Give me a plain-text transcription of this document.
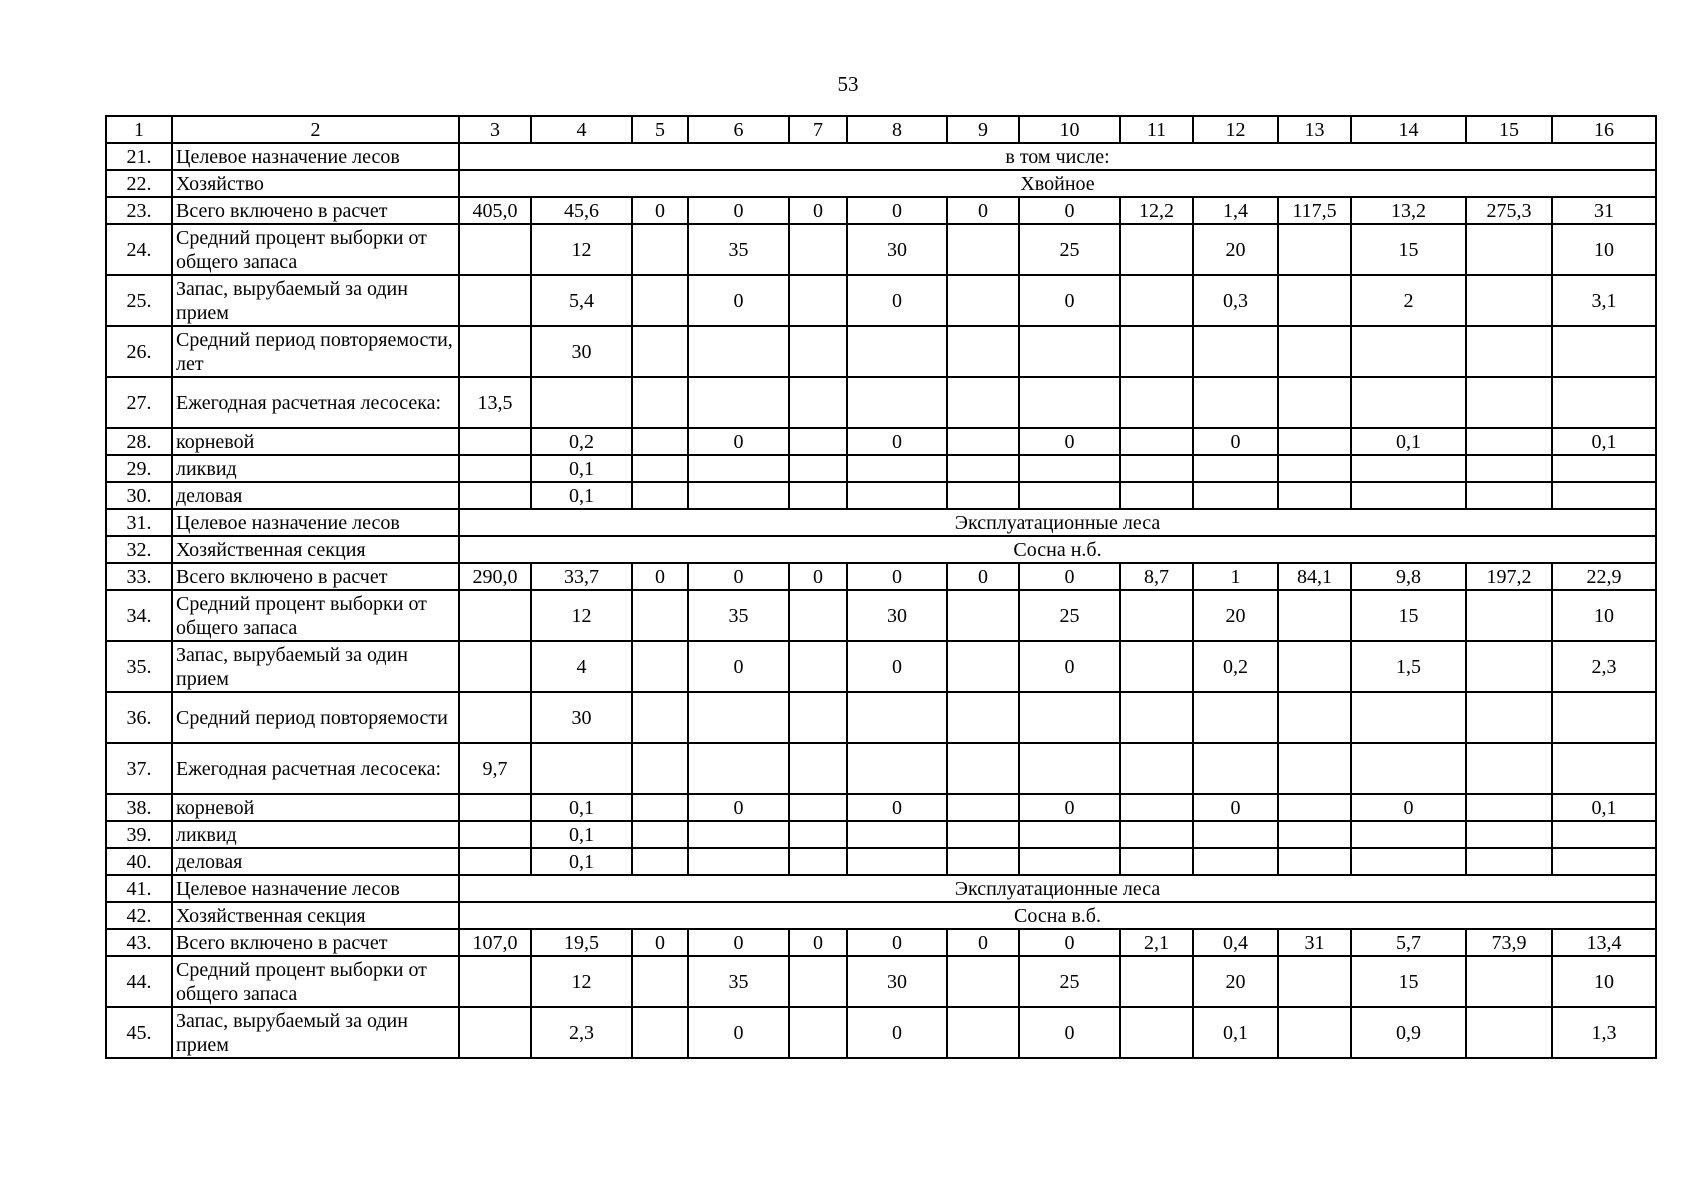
53
1	2	3	4	5	6	7	8	9	10	11	12	13	14	15	16
21.	Целевое назначение лесов	в том числе:													
22.	Хозяйство	Хвойное													
23.	Всего включено в расчет	405,0	45,6	0	0	0	0	0	0	12,2	1,4	117,5	13,2	275,3	31
24.	Средний процент выборки от общего запаса		12		35		30		25		20		15		10
25.	Запас, вырубаемый за один прием		5,4		0		0		0		0,3		2		3,1
26.	Средний период повторяемости, лет		30												
27.	Ежегодная расчетная лесосека:	13,5													
28.	корневой		0,2		0		0		0		0		0,1		0,1
29.	ликвид		0,1												
30.	деловая		0,1												
31.	Целевое назначение лесов	Эксплуатационные леса													
32.	Хозяйственная секция	Сосна н.б.													
33.	Всего включено в расчет	290,0	33,7	0	0	0	0	0	0	8,7	1	84,1	9,8	197,2	22,9
34.	Средний процент выборки от общего запаса		12		35		30		25		20		15		10
35.	Запас, вырубаемый за один прием		4		0		0		0		0,2		1,5		2,3
36.	Средний период повторяемости		30												
37.	Ежегодная расчетная лесосека:	9,7													
38.	корневой		0,1		0		0		0		0		0		0,1
39.	ликвид		0,1												
40.	деловая		0,1												
41.	Целевое назначение лесов	Эксплуатационные леса													
42.	Хозяйственная секция	Сосна в.б.													
43.	Всего включено в расчет	107,0	19,5	0	0	0	0	0	0	2,1	0,4	31	5,7	73,9	13,4
44.	Средний процент выборки от общего запаса		12		35		30		25		20		15		10
45.	Запас, вырубаемый за один прием		2,3		0		0		0		0,1		0,9		1,3
